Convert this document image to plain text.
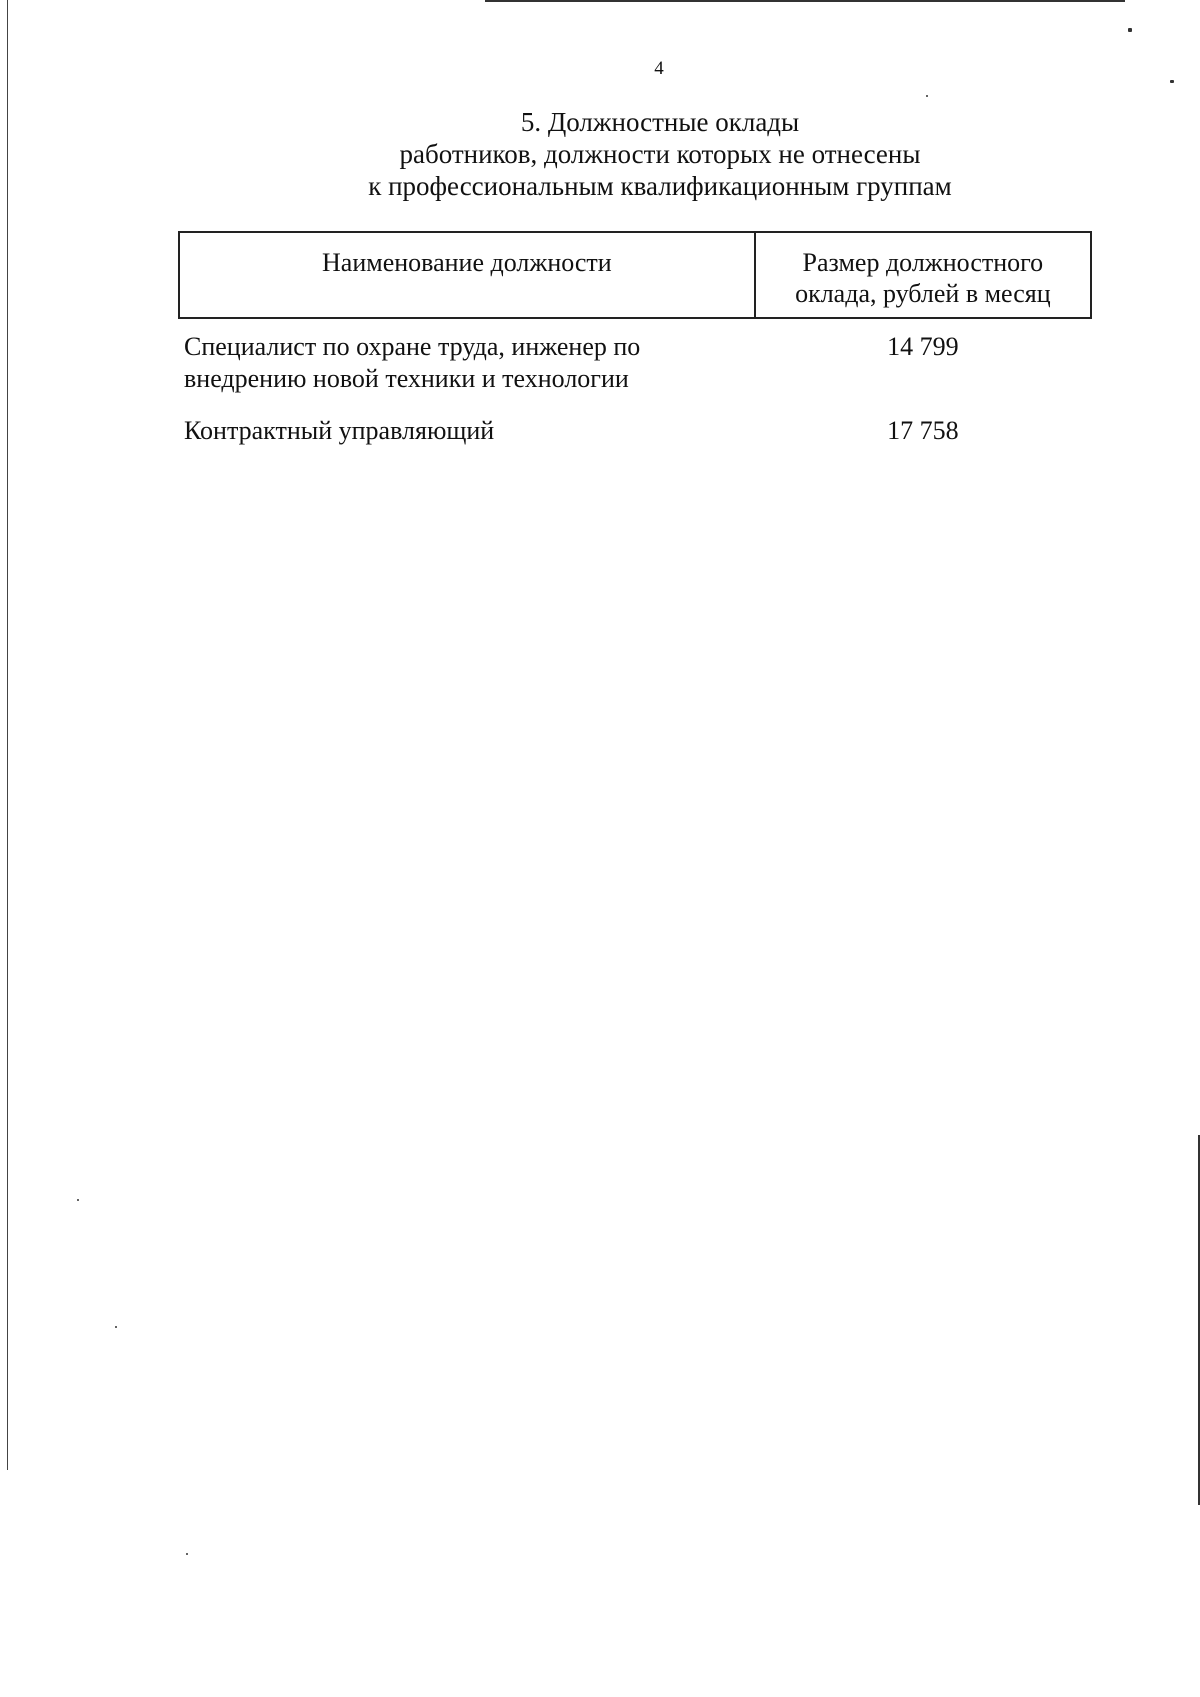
4
5. Должностные оклады
работников, должности которых не отнесены
к профессиональным квалификационным группам
Наименование должности	Размер должностного
оклада, рублей в месяц
Специалист по охране труда, инженер по
внедрению новой техники и технологии	14 799
Контрактный управляющий	17 758
